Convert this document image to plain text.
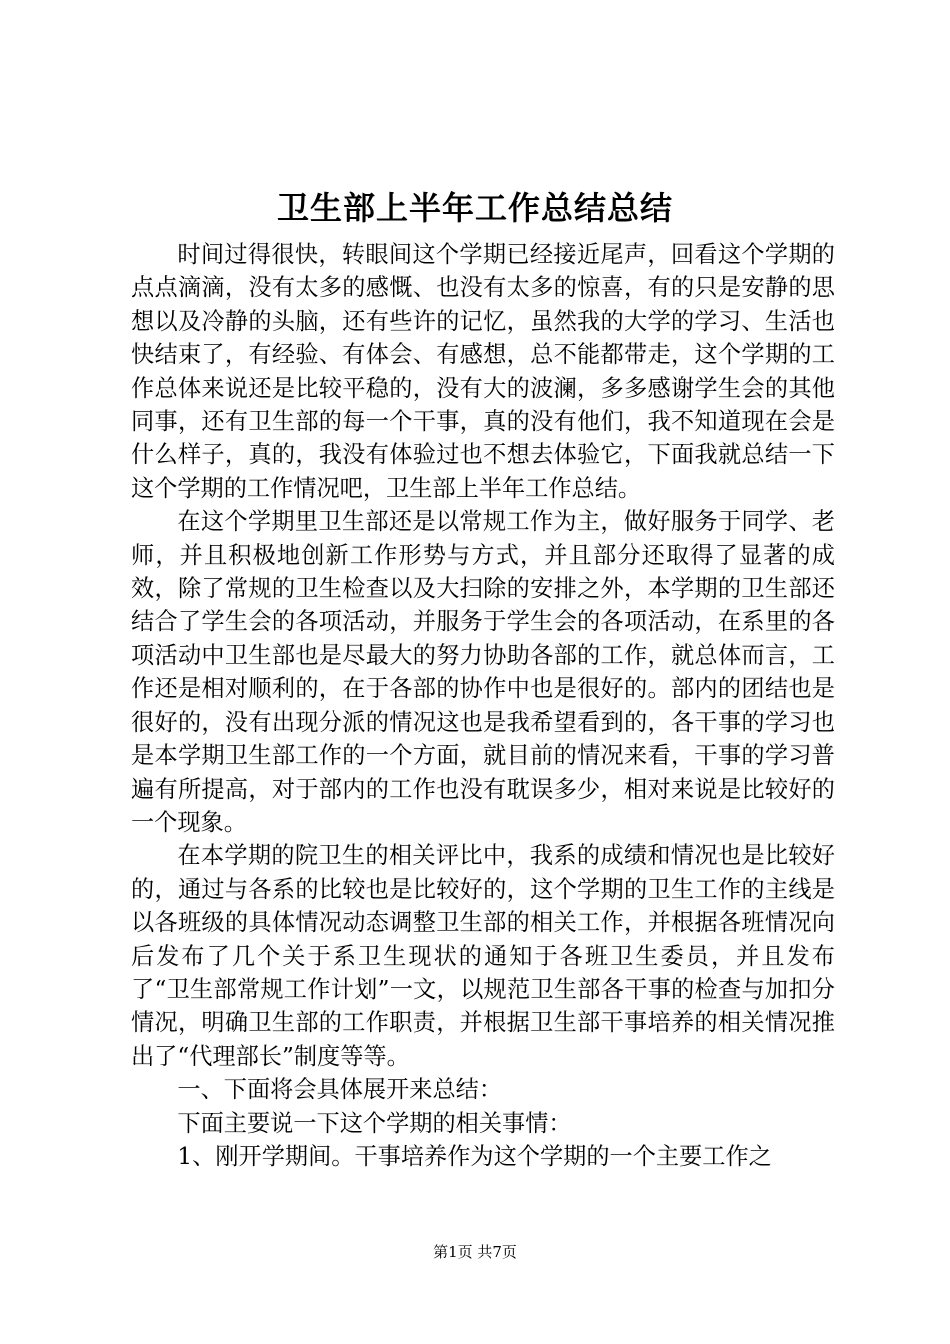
卫生部上半年工作总结总结

时间过得很快，转眼间这个学期已经接近尾声，回看这个学期的点点滴滴，没有太多的感慨、也没有太多的惊喜，有的只是安静的思想以及冷静的头脑，还有些许的记忆，虽然我的大学的学习、生活也快结束了，有经验、有体会、有感想，总不能都带走，这个学期的工作总体来说还是比较平稳的，没有大的波澜，多多感谢学生会的其他同事，还有卫生部的每一个干事，真的没有他们，我不知道现在会是什么样子，真的，我没有体验过也不想去体验它，下面我就总结一下这个学期的工作情况吧，卫生部上半年工作总结。

在这个学期里卫生部还是以常规工作为主，做好服务于同学、老师，并且积极地创新工作形势与方式，并且部分还取得了显著的成效，除了常规的卫生检查以及大扫除的安排之外，本学期的卫生部还结合了学生会的各项活动，并服务于学生会的各项活动，在系里的各项活动中卫生部也是尽最大的努力协助各部的工作，就总体而言，工作还是相对顺利的，在于各部的协作中也是很好的。部内的团结也是很好的，没有出现分派的情况这也是我希望看到的，各干事的学习也是本学期卫生部工作的一个方面，就目前的情况来看，干事的学习普遍有所提高，对于部内的工作也没有耽误多少，相对来说是比较好的一个现象。

在本学期的院卫生的相关评比中，我系的成绩和情况也是比较好的，通过与各系的比较也是比较好的，这个学期的卫生工作的主线是以各班级的具体情况动态调整卫生部的相关工作，并根据各班情况向后发布了几个关于系卫生现状的通知于各班卫生委员，并且发布了“卫生部常规工作计划”一文，以规范卫生部各干事的检查与加扣分情况，明确卫生部的工作职责，并根据卫生部干事培养的相关情况推出了“代理部长”制度等等。

一、下面将会具体展开来总结：

下面主要说一下这个学期的相关事情：

1、刚开学期间。干事培养作为这个学期的一个主要工作之

第1页 共7页
